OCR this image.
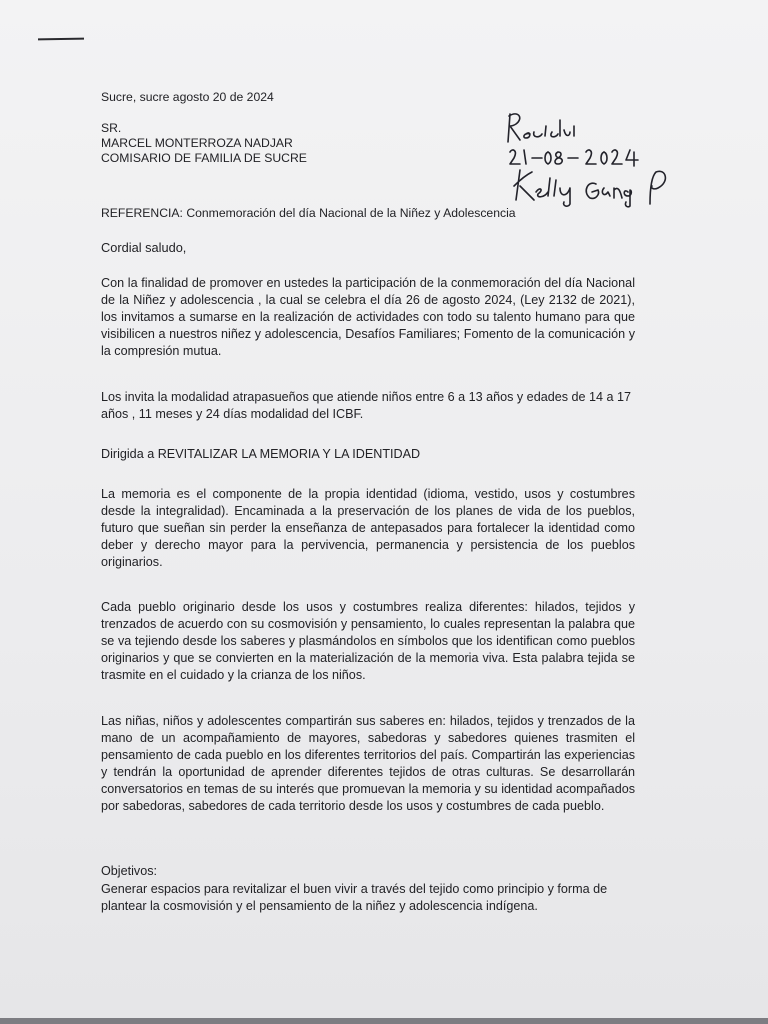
Sucre, sucre agosto 20 de 2024
SR.
MARCEL MONTERROZA NADJAR
COMISARIO DE FAMILIA DE SUCRE
REFERENCIA: Conmemoración del día Nacional de la Niñez y Adolescencia
Cordial saludo,
Con la finalidad de promover en ustedes la participación de la conmemoración del día Nacional de la Niñez y adolescencia , la cual se celebra el día 26 de agosto 2024, (Ley 2132 de 2021), los invitamos a sumarse en la realización de actividades con todo su talento humano para que visibilicen a nuestros niñez y adolescencia, Desafíos Familiares; Fomento de la comunicación y la compresión mutua.
Los invita la modalidad atrapasueños que atiende niños entre 6 a 13 años y edades de 14 a 17 años , 11 meses y 24 días modalidad del ICBF.
Dirigida a REVITALIZAR LA MEMORIA Y LA IDENTIDAD
La memoria es el componente de la propia identidad (idioma, vestido, usos y costumbres desde la integralidad). Encaminada a la preservación de los planes de vida de los pueblos, futuro que sueñan sin perder la enseñanza de antepasados para fortalecer la identidad como deber y derecho mayor para la pervivencia, permanencia y persistencia de los pueblos originarios.
Cada pueblo originario desde los usos y costumbres realiza diferentes: hilados, tejidos y trenzados de acuerdo con su cosmovisión y pensamiento, lo cuales representan la palabra que se va tejiendo desde los saberes y plasmándolos en símbolos que los identifican como pueblos originarios y que se convierten en la materialización de la memoria viva. Esta palabra tejida se trasmite en el cuidado y la crianza de los niños.
Las niñas, niños y adolescentes compartirán sus saberes en: hilados, tejidos y trenzados de la mano de un acompañamiento de mayores, sabedoras y sabedores quienes trasmiten el pensamiento de cada pueblo en los diferentes territorios del país. Compartirán las experiencias y tendrán la oportunidad de aprender diferentes tejidos de otras culturas. Se desarrollarán conversatorios en temas de su interés que promuevan la memoria y su identidad acompañados por sabedoras, sabedores de cada territorio desde los usos y costumbres de cada pueblo.
Objetivos:
Generar espacios para revitalizar el buen vivir a través del tejido como principio y forma de plantear la cosmovisión y el pensamiento de la niñez y adolescencia indígena.
